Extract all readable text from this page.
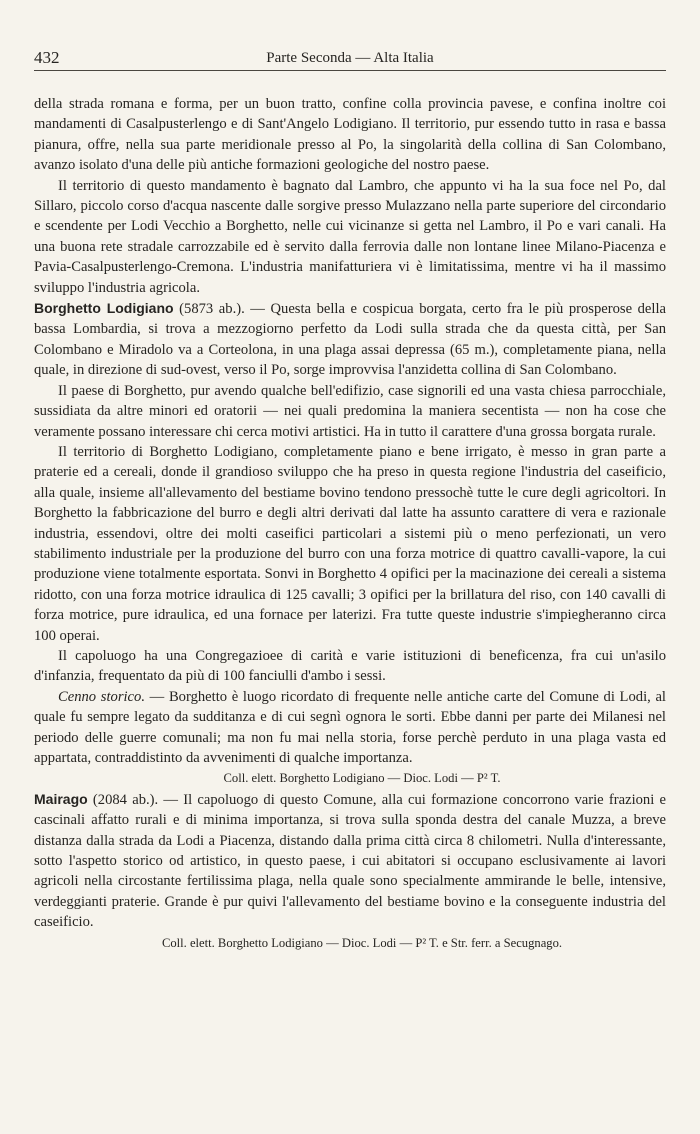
432	Parte Seconda — Alta Italia

della strada romana e forma, per un buon tratto, confine colla provincia pavese, e confina inoltre coi mandamenti di Casalpusterlengo e di Sant'Angelo Lodigiano. Il territorio, pur essendo tutto in rasa e bassa pianura, offre, nella sua parte meridionale presso al Po, la singolarità della collina di San Colombano, avanzo isolato d'una delle più antiche formazioni geologiche del nostro paese.

Il territorio di questo mandamento è bagnato dal Lambro, che appunto vi ha la sua foce nel Po, dal Sillaro, piccolo corso d'acqua nascente dalle sorgive presso Mulazzano nella parte superiore del circondario e scendente per Lodi Vecchio a Borghetto, nelle cui vicinanze si getta nel Lambro, il Po e vari canali. Ha una buona rete stradale carrozzabile ed è servito dalla ferrovia dalle non lontane linee Milano-Piacenza e Pavia-Casalpusterlengo-Cremona. L'industria manifatturiera vi è limitatissima, mentre vi ha il massimo sviluppo l'industria agricola.

Borghetto Lodigiano (5873 ab.). — Questa bella e cospicua borgata, certo fra le più prosperose della bassa Lombardia, si trova a mezzogiorno perfetto da Lodi sulla strada che da questa città, per San Colombano e Miradolo va a Corteolona, in una plaga assai depressa (65 m.), completamente piana, nella quale, in direzione di sud-ovest, verso il Po, sorge improvvisa l'anzidetta collina di San Colombano.

Il paese di Borghetto, pur avendo qualche bell'edifizio, case signorili ed una vasta chiesa parrocchiale, sussidiata da altre minori ed oratorii — nei quali predomina la maniera secentista — non ha cose che veramente possano interessare chi cerca motivi artistici. Ha in tutto il carattere d'una grossa borgata rurale.

Il territorio di Borghetto Lodigiano, completamente piano e bene irrigato, è messo in gran parte a praterie ed a cereali, donde il grandioso sviluppo che ha preso in questa regione l'industria del caseificio, alla quale, insieme all'allevamento del bestiame bovino tendono pressochè tutte le cure degli agricoltori. In Borghetto la fabbricazione del burro e degli altri derivati dal latte ha assunto carattere di vera e razionale industria, essendovi, oltre dei molti caseifici particolari a sistemi più o meno perfezionati, un vero stabilimento industriale per la produzione del burro con una forza motrice di quattro cavalli-vapore, la cui produzione viene totalmente esportata. Sonvi in Borghetto 4 opifici per la macinazione dei cereali a sistema ridotto, con una forza motrice idraulica di 125 cavalli; 3 opifici per la brillatura del riso, con 140 cavalli di forza motrice, pure idraulica, ed una fornace per laterizi. Fra tutte queste industrie s'impiegheranno circa 100 operai.

Il capoluogo ha una Congregazioee di carità e varie istituzioni di beneficenza, fra cui un'asilo d'infanzia, frequentato da più di 100 fanciulli d'ambo i sessi.

Cenno storico. — Borghetto è luogo ricordato di frequente nelle antiche carte del Comune di Lodi, al quale fu sempre legato da sudditanza e di cui segnì ognora le sorti. Ebbe danni per parte dei Milanesi nel periodo delle guerre comunali; ma non fu mai nella storia, forse perchè perduto in una plaga vasta ed appartata, contraddistinto da avvenimenti di qualche importanza.

Coll. elett. Borghetto Lodigiano — Dioc. Lodi — P² T.

Mairago (2084 ab.). — Il capoluogo di questo Comune, alla cui formazione concorrono varie frazioni e cascinali affatto rurali e di minima importanza, si trova sulla sponda destra del canale Muzza, a breve distanza dalla strada da Lodi a Piacenza, distando dalla prima città circa 8 chilometri. Nulla d'interessante, sotto l'aspetto storico od artistico, in questo paese, i cui abitatori si occupano esclusivamente ai lavori agricoli nella circostante fertilissima plaga, nella quale sono specialmente ammirande le belle, intensive, verdeggianti praterie. Grande è pur quivi l'allevamento del bestiame bovino e la conseguente industria del caseificio.

Coll. elett. Borghetto Lodigiano — Dioc. Lodi — P² T. e Str. ferr. a Secugnago.
